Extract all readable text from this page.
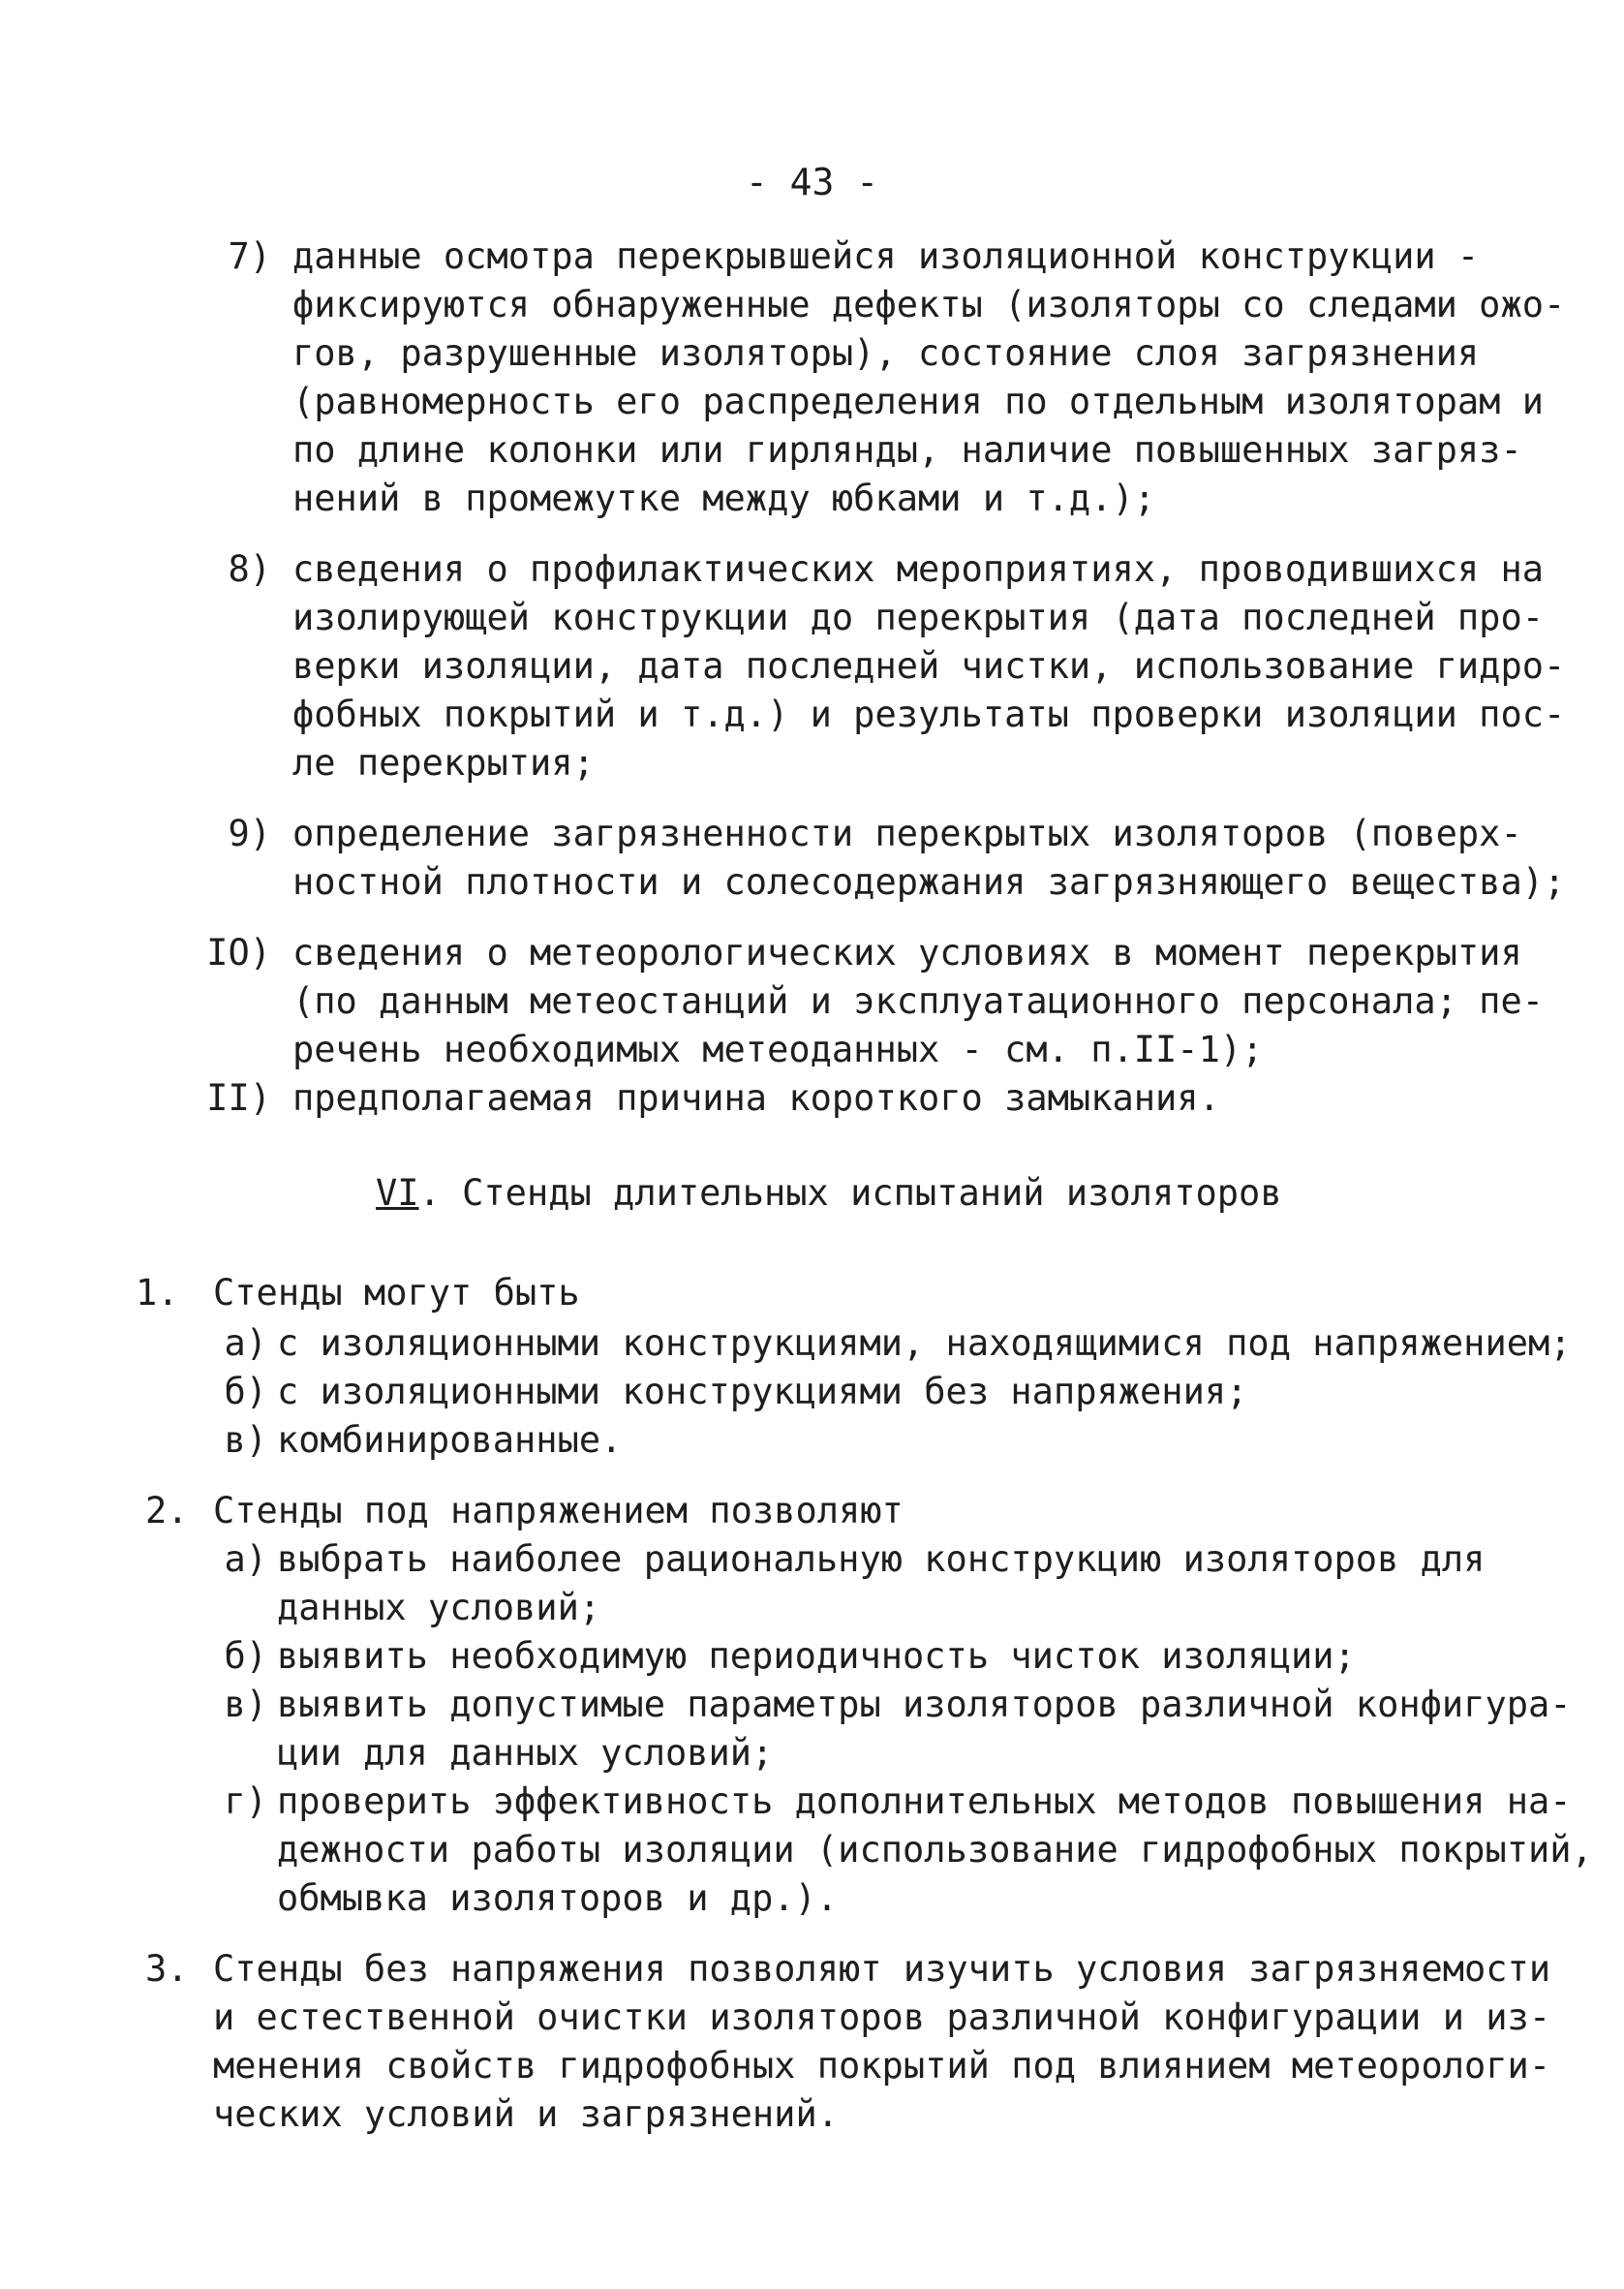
- 43 -
7) данные осмотра перекрывшейся изоляционной конструкции -
фиксируются обнаруженные дефекты (изоляторы со следами ожо-
гов, разрушенные изоляторы), состояние слоя загрязнения
(равномерность его распределения по отдельным изоляторам и
по длине колонки или гирлянды, наличие повышенных загряз-
нений в промежутке между юбками и т.д.);
8) сведения о профилактических мероприятиях, проводившихся на
изолирующей конструкции до перекрытия (дата последней про-
верки изоляции, дата последней чистки, использование гидро-
фобных покрытий и т.д.) и результаты проверки изоляции пос-
ле перекрытия;
9) определение загрязненности перекрытых изоляторов (поверх-
ностной плотности и солесодержания загрязняющего вещества);
IO) сведения о метеорологических условиях в момент перекрытия
(по данным метеостанций и эксплуатационного персонала; пе-
речень необходимых метеоданных - см. п.II-1);
II) предполагаемая причина короткого замыкания.
VI. Стенды длительных испытаний изоляторов
1. Стенды могут быть
а) с изоляционными конструкциями, находящимися под напряжением;
б) с изоляционными конструкциями без напряжения;
в) комбинированные.
2. Стенды под напряжением позволяют
а) выбрать наиболее рациональную конструкцию изоляторов для
данных условий;
б) выявить необходимую периодичность чисток изоляции;
в) выявить допустимые параметры изоляторов различной конфигура-
ции для данных условий;
г) проверить эффективность дополнительных методов повышения на-
дежности работы изоляции (использование гидрофобных покрытий,
обмывка изоляторов и др.).
3. Стенды без напряжения позволяют изучить условия загрязняемости
и естественной очистки изоляторов различной конфигурации и из-
менения свойств гидрофобных покрытий под влиянием метеорологи-
ческих условий и загрязнений.
